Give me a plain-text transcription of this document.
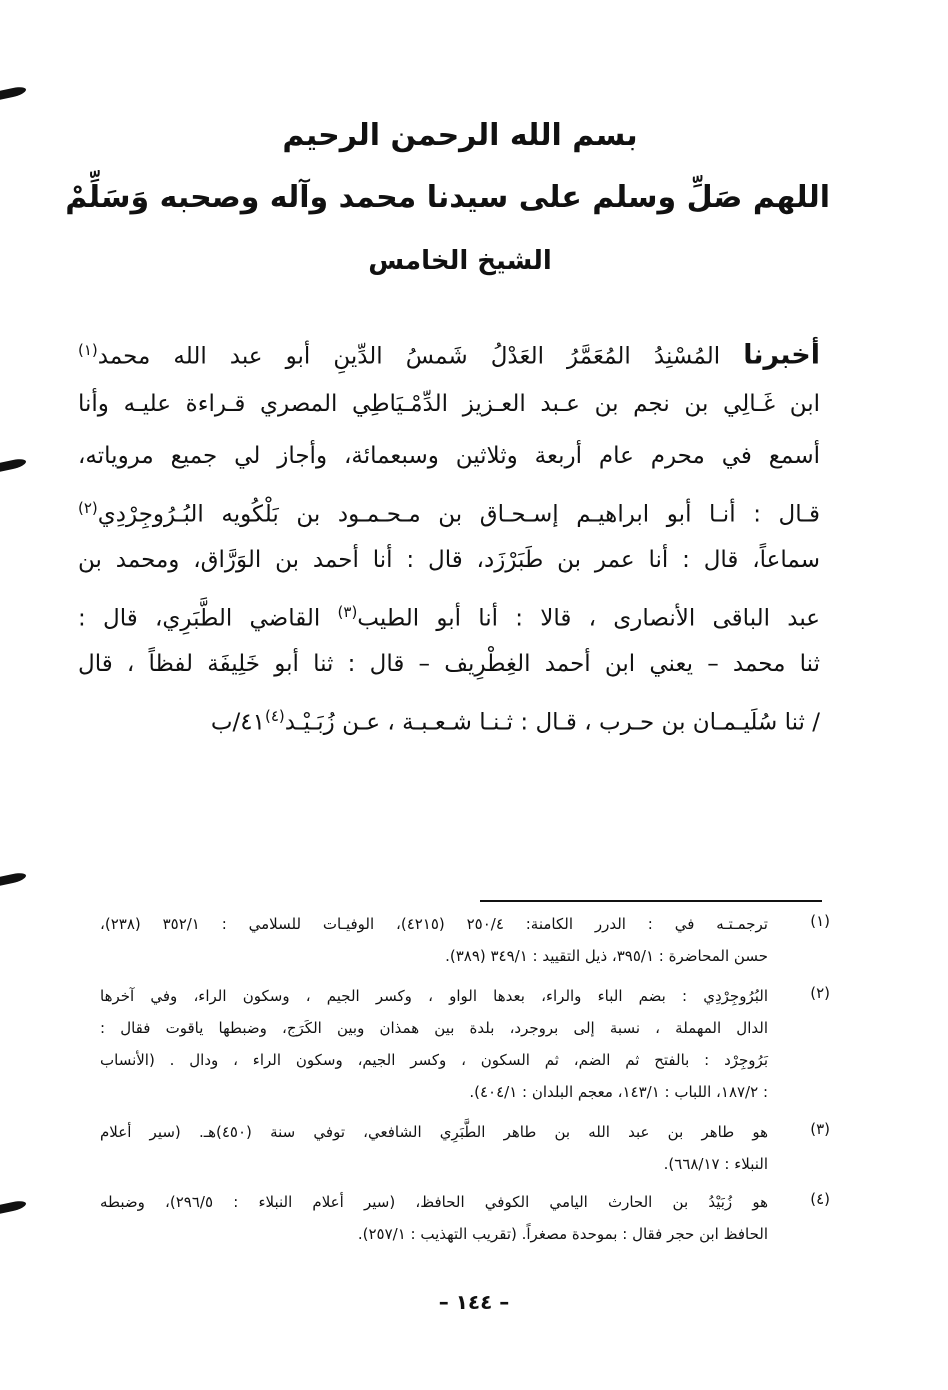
بسم الله الرحمن الرحيم
اللهم صَلِّ وسلم على سيدنا محمد وآله وصحبه وَسَلِّمْ
الشيخ الخامس
أخبرنا المُسْنِدُ المُعَمَّرُ العَدْلُ شَمسُ الدِّينِ أبو عبد الله محمد$^{(١)}$
ابن غَـالِي بن نجم بن عـبد العـزيز الدِّمْـيَاطِي المصري قـراءة عليـه وأنا
أسمع في محرم عام أربعة وثلاثين وسبعمائة، وأجاز لي جميع مروياته،
قـال : أنـا أبو ابراهيـم إسـحـاق بن مـحـمـود بن بَلْكُويه البُـرُوجِرْدِي$^{(٢)}$
سماعاً، قال : أنا عمر بن طَبَرْزَد، قال : أنا أحمد بن الوَرَّاق، ومحمد بن
عبد الباقى الأنصارى ، قالا : أنا أبو الطيب$^{(٣)}$ القاضي الطَّبَرِي، قال :
ثنا محمد – يعني ابن أحمد الغِطْرِيف – قال : ثنا أبو خَلِيفَة لفظاً ، قال
/ ثنا سُلَيـمـان بن حـرب ، قـال : ثـنـا شـعـبـة ، عـن زُبَـيْـد$^{(٤)}$٤١/ب
(١)
ترجمـتـه في : الدرر الكامنة: ٢٥٠/٤ (٤٢١٥)، الوفيـات للسلامي : ٣٥٢/١ (٢٣٨)،
حسن المحاضرة : ٣٩٥/١، ذيل التقييد : ٣٤٩/١ (٣٨٩).
(٢)
البُرُوجِرْدِي : بضم الباء والراء، بعدها الواو ، وكسر الجيم ، وسكون الراء، وفي آخرها
الدال المهملة ، نسبة إلى بروجرد، بلدة بين همذان وبين الكَرَج، وضبطها ياقوت فقال :
بَرُوجِرْد : بالفتح ثم الضم، ثم السكون ، وكسر الجيم، وسكون الراء ، ودال . (الأنساب
: ١٨٧/٢، اللباب : ١٤٣/١، معجم البلدان : ٤٠٤/١).
(٣)
هو طاهر بن عبد الله بن طاهر الطَّبَرِي الشافعي، توفي سنة (٤٥٠)هـ. (سير أعلام
النبلاء : ٦٦٨/١٧).
(٤)
هو زُبَيْدُ بن الحارث اليامي الكوفي الحافظ، (سير أعلام النبلاء : ٢٩٦/٥)، وضبطه
الحافظ ابن حجر فقال : بموحدة مصغراً. (تقريب التهذيب : ٢٥٧/١).
– ١٤٤ –
